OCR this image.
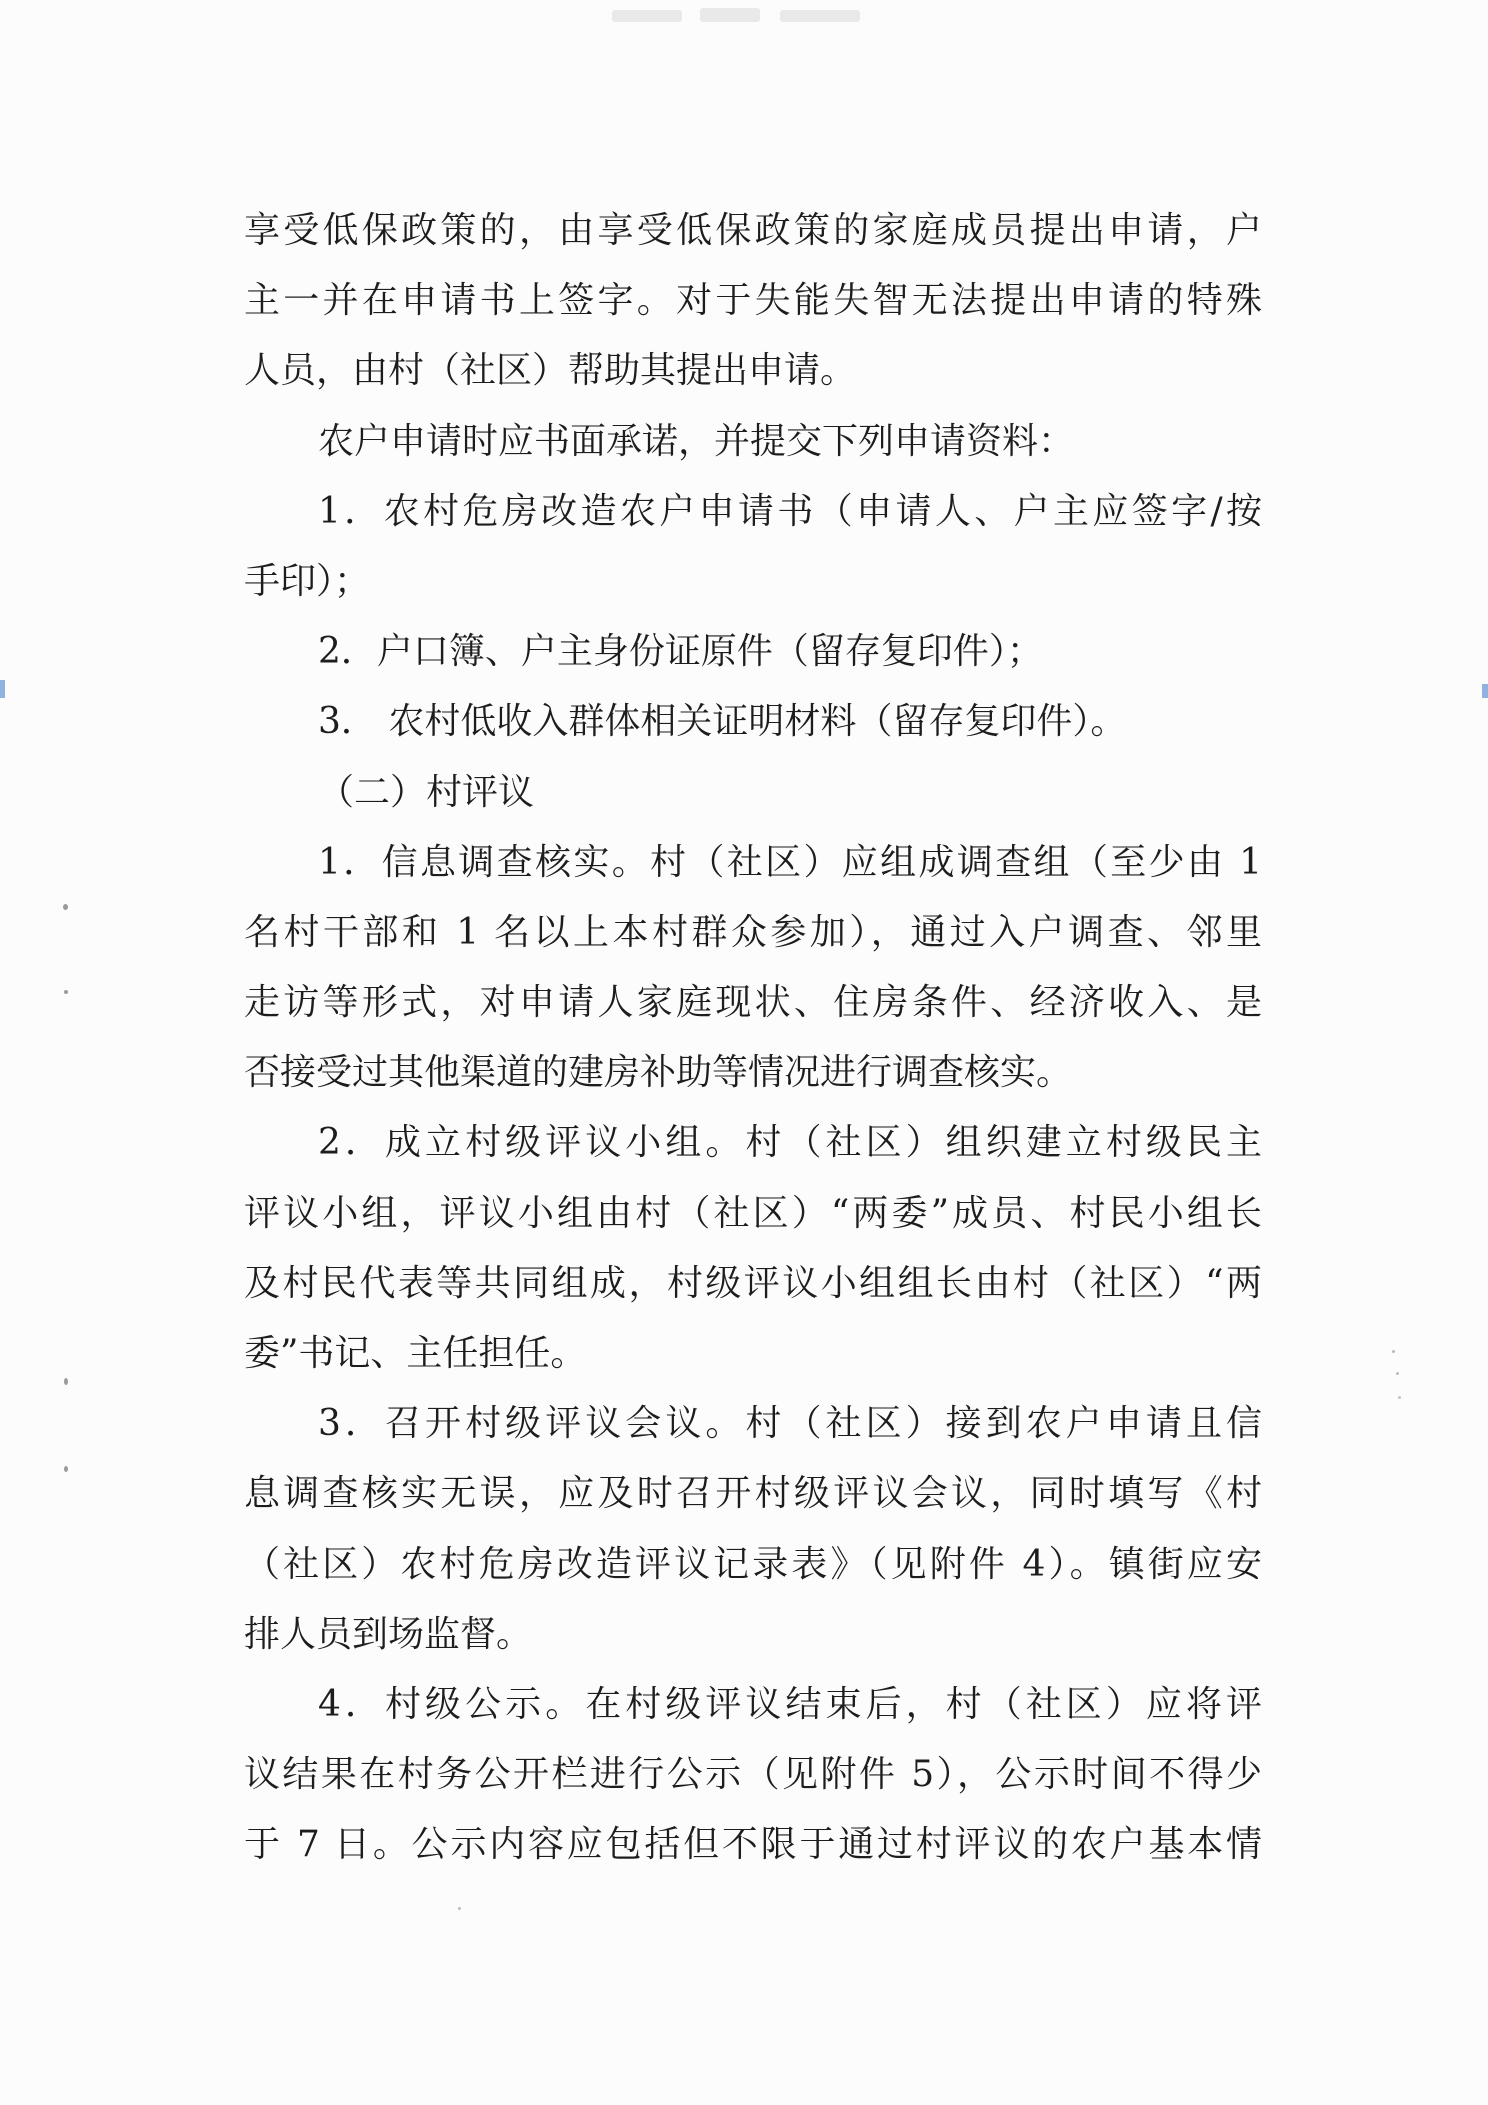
享受低保政策的，由享受低保政策的家庭成员提出申请，户
主一并在申请书上签字。对于失能失智无法提出申请的特殊
人员，由村（社区）帮助其提出申请。
农户申请时应书面承诺，并提交下列申请资料：
1．农村危房改造农户申请书（申请人、户主应签字/按
手印）；
2．户口簿、户主身份证原件（留存复印件）；
3． 农村低收入群体相关证明材料（留存复印件）。
（二）村评议
1．信息调查核实。村（社区）应组成调查组（至少由 1
名村干部和 1 名以上本村群众参加），通过入户调查、邻里
走访等形式，对申请人家庭现状、住房条件、经济收入、是
否接受过其他渠道的建房补助等情况进行调查核实。
2．成立村级评议小组。村（社区）组织建立村级民主
评议小组，评议小组由村（社区）“两委”成员、村民小组长
及村民代表等共同组成，村级评议小组组长由村（社区）“两
委”书记、主任担任。
3．召开村级评议会议。村（社区）接到农户申请且信
息调查核实无误，应及时召开村级评议会议，同时填写《村
（社区）农村危房改造评议记录表》（见附件 4）。镇街应安
排人员到场监督。
4．村级公示。在村级评议结束后，村（社区）应将评
议结果在村务公开栏进行公示（见附件 5），公示时间不得少
于 7 日。公示内容应包括但不限于通过村评议的农户基本情
